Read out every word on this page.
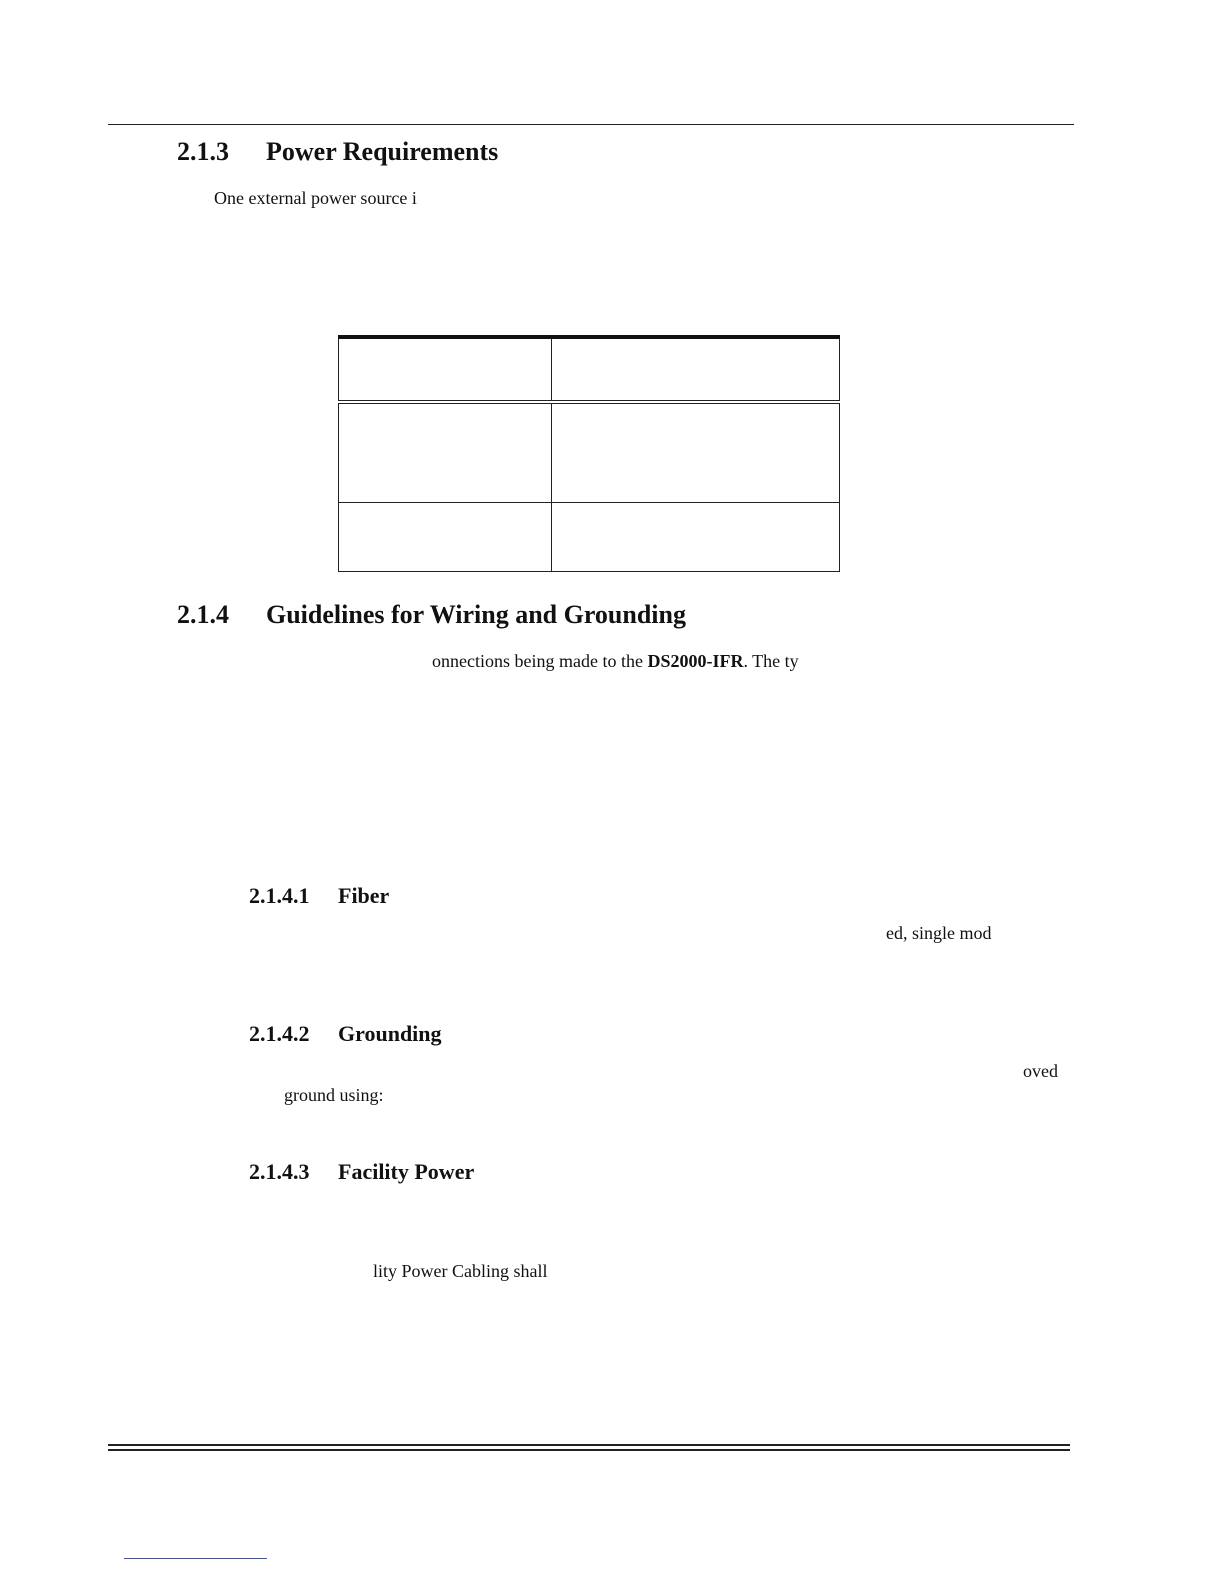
2.1.3 Power Requirements
One external power source i

2.1.4 Guidelines for Wiring and Grounding
onnections being made to the DS2000-IFR. The ty
2.1.4.1 Fiber
ed, single mod
2.1.4.2 Grounding
oved
ground using:
2.1.4.3 Facility Power
lity Power Cabling shall
